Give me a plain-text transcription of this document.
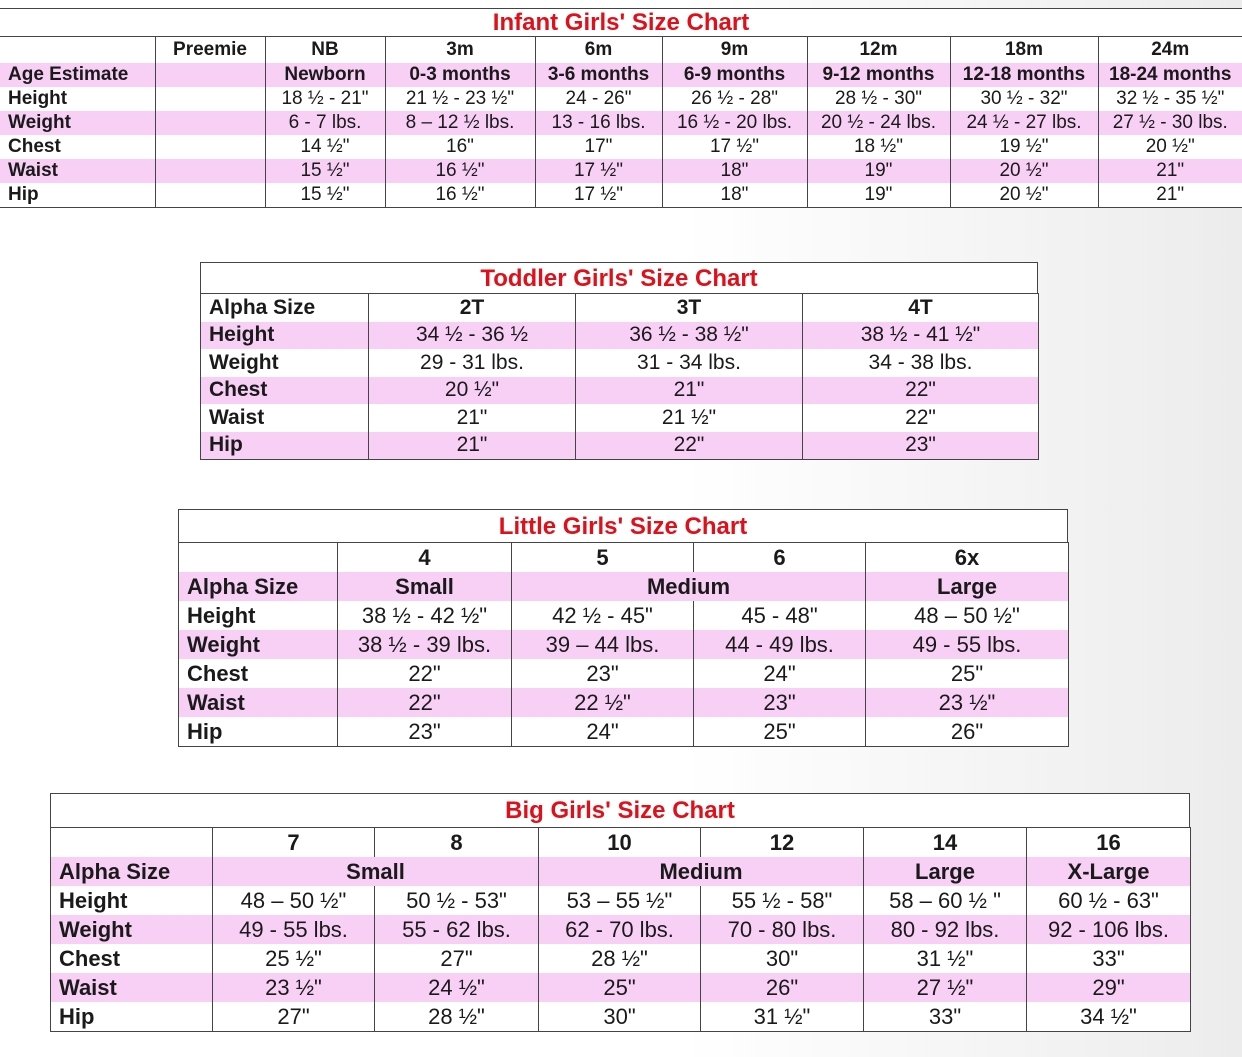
Infant Girls' Size Chart
	Preemie	NB	3m	6m	9m	12m	18m	24m
Age Estimate		Newborn	0-3 months	3-6 months	6-9 months	9-12 months	12-18 months	18-24 months
Height		18 ½ - 21"	21 ½ - 23 ½"	24 - 26"	26 ½ - 28"	28 ½ - 30"	30 ½ - 32"	32 ½ - 35 ½"
Weight		6 - 7 lbs.	8 – 12 ½ lbs.	13 - 16 lbs.	16 ½ - 20 lbs.	20 ½ - 24 lbs.	24 ½ - 27 lbs.	27 ½ - 30 lbs.
Chest		14 ½"	16"	17"	17 ½"	18 ½"	19 ½"	20 ½"
Waist		15 ½"	16 ½"	17 ½"	18"	19"	20 ½"	21"
Hip		15 ½"	16 ½"	17 ½"	18"	19"	20 ½"	21"
Toddler Girls' Size Chart
Alpha Size	2T	3T	4T
Height	34 ½ - 36 ½	36 ½ - 38 ½"	38 ½ - 41 ½"
Weight	29 - 31 lbs.	31 - 34 lbs.	34 - 38 lbs.
Chest	20 ½"	21"	22"
Waist	21"	21 ½"	22"
Hip	21"	22"	23"
Little Girls' Size Chart
	4	5	6	6x
Alpha Size	Small	Medium		Large
Height	38 ½ - 42 ½"	42 ½ - 45"	45 - 48"	48 – 50 ½"
Weight	38 ½ - 39 lbs.	39 – 44 lbs.	44 - 49 lbs.	49 - 55 lbs.
Chest	22"	23"	24"	25"
Waist	22"	22 ½"	23"	23 ½"
Hip	23"	24"	25"	26"
Big Girls' Size Chart
	7	8	10	12	14	16
Alpha Size	Small		Medium		Large	X-Large
Height	48 – 50 ½"	50 ½ - 53"	53 – 55 ½"	55 ½ - 58"	58 – 60 ½ "	60 ½ - 63"
Weight	49 - 55 lbs.	55 - 62 lbs.	62 - 70 lbs.	70 - 80 lbs.	80 - 92 lbs.	92 - 106 lbs.
Chest	25 ½"	27"	28 ½"	30"	31 ½"	33"
Waist	23 ½"	24 ½"	25"	26"	27 ½"	29"
Hip	27"	28 ½"	30"	31 ½"	33"	34 ½"
